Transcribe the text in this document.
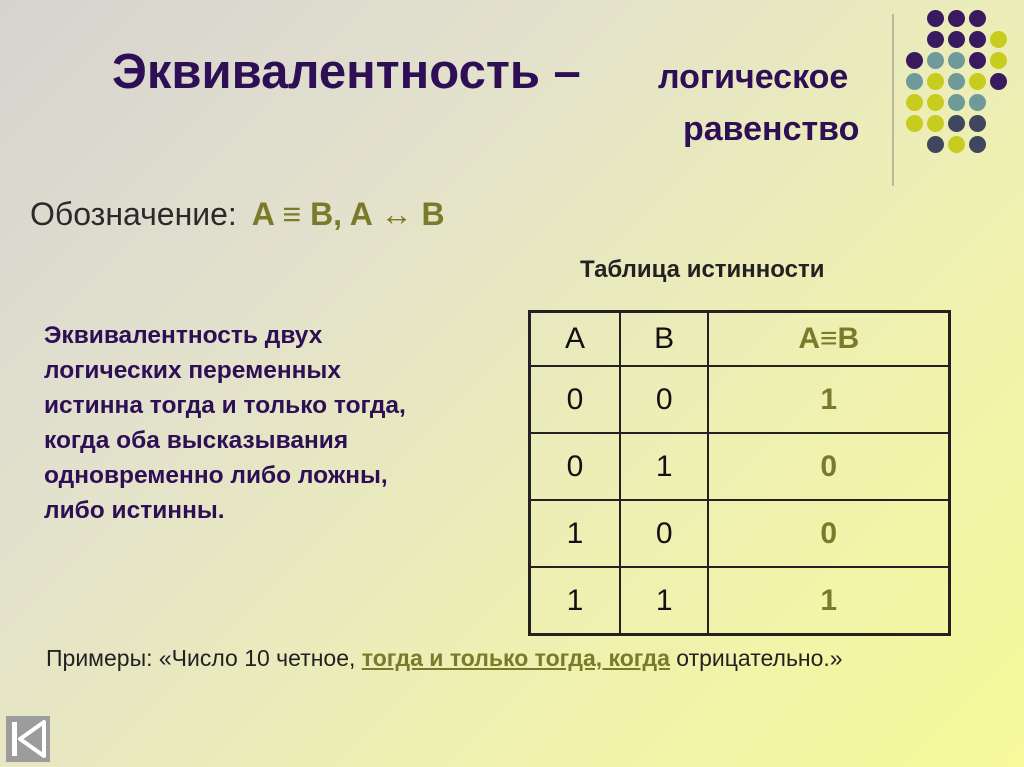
Эквивалентность – логическое
равенство
Обозначение: A ≡ B, A ↔ B
Таблица истинности
Эквивалентность двух логических переменных истинна тогда и только тогда, когда оба высказывания одновременно либо ложны, либо истинны.
A	B	A≡B
0	0	1
0	1	0
1	0	0
1	1	1
Примеры: «Число 10 четное, тогда и только тогда, когда отрицательно.»
